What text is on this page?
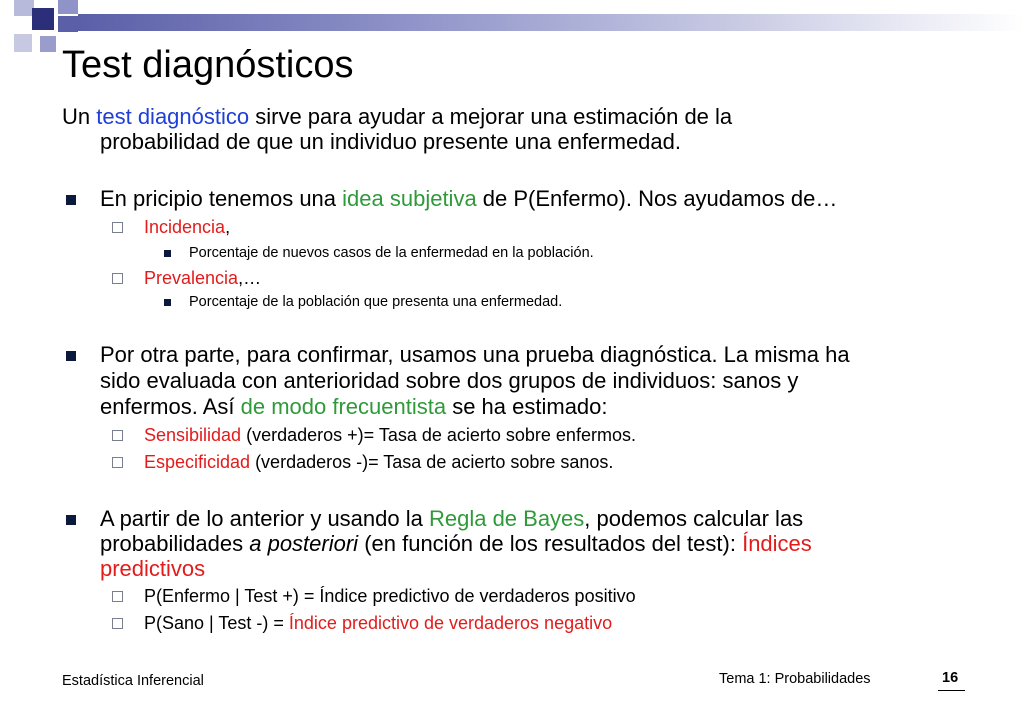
Test diagnósticos
Un test diagnóstico sirve para ayudar a mejorar una estimación de la
probabilidad de que un individuo presente una enfermedad.
En pricipio tenemos una idea subjetiva de P(Enfermo). Nos ayudamos de…
Incidencia,
Porcentaje de nuevos casos de la enfermedad en la población.
Prevalencia,…
Porcentaje de la población que presenta una enfermedad.
Por otra parte, para confirmar, usamos una prueba diagnóstica. La misma ha
sido evaluada con anterioridad sobre dos grupos de individuos: sanos y
enfermos. Así de modo frecuentista se ha estimado:
Sensibilidad (verdaderos +)= Tasa de acierto sobre enfermos.
Especificidad (verdaderos -)= Tasa de acierto sobre sanos.
A partir de lo anterior y usando la Regla de Bayes, podemos calcular las
probabilidades a posteriori (en función de los resultados del test): Índices
predictivos
P(Enfermo | Test +) = Índice predictivo de verdaderos positivo
P(Sano | Test -) = Índice predictivo de verdaderos negativo
Estadística Inferencial	Tema 1: Probabilidades	16
